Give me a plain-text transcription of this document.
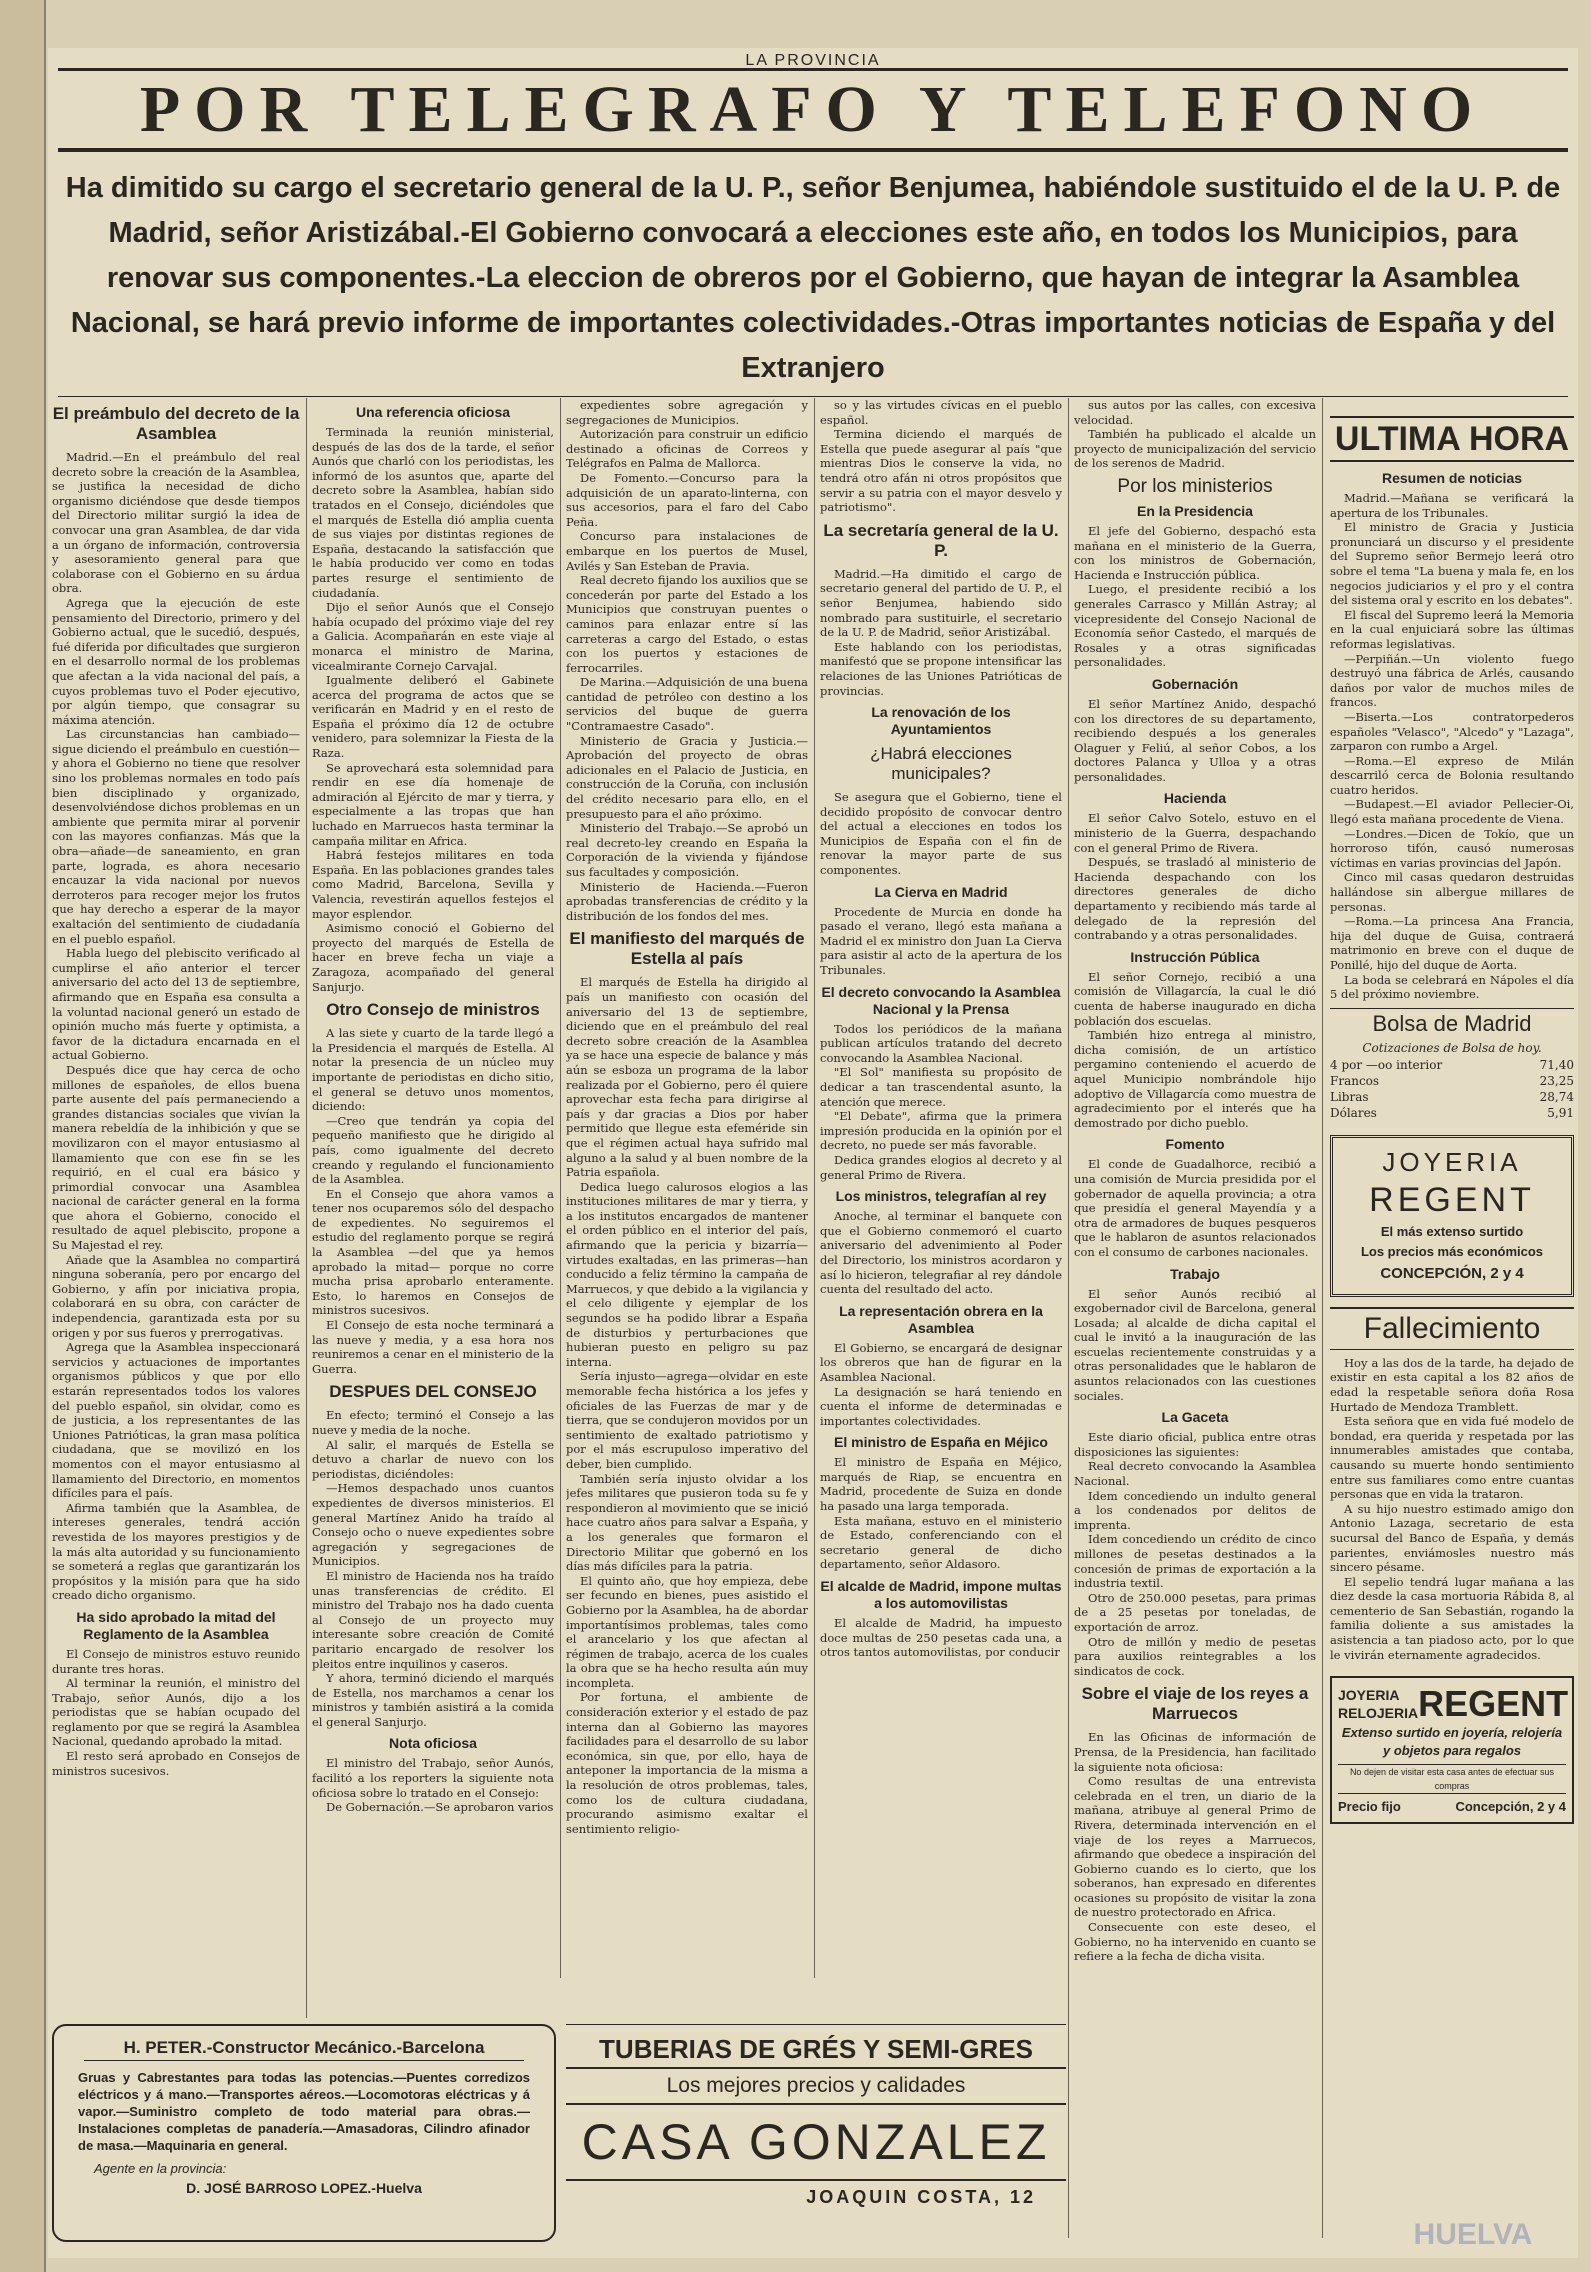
LA PROVINCIA
POR TELEGRAFO Y TELEFONO
Ha dimitido su cargo el secretario general de la U. P., señor Benjumea, habiéndole sustituido el de la U. P. de Madrid, señor Aristizábal.-El Gobierno convocará a elecciones este año, en todos los Municipios, para renovar sus componentes.-La eleccion de obreros por el Gobierno, que hayan de integrar la Asamblea Nacional, se hará previo informe de importantes colectividades.-Otras importantes noticias de España y del Extranjero
El preámbulo del decreto de la Asamblea

Madrid.—En el preámbulo del real decreto sobre la creación de la Asamblea, se justifica la necesidad de dicho organismo diciéndose que desde tiempos del Directorio militar surgió la idea de convocar una gran Asamblea, de dar vida a un órgano de información, controversia y asesoramiento general para que colaborase con el Gobierno en su árdua obra.

Agrega que la ejecución de este pensamiento del Directorio, primero y del Gobierno actual, que le sucedió, después, fué diferida por dificultades que surgieron en el desarrollo normal de los problemas que afectan a la vida nacional del país, a cuyos problemas tuvo el Poder ejecutivo, por algún tiempo, que consagrar su máxima atención.

Las circunstancias han cambiado—sigue diciendo el preámbulo en cuestión—y ahora el Gobierno no tiene que resolver sino los problemas normales en todo país bien disciplinado y organizado, desenvolviéndose dichos problemas en un ambiente que permita mirar al porvenir con las mayores confianzas. Más que la obra—añade—de saneamiento, en gran parte, lograda, es ahora necesario encauzar la vida nacional por nuevos derroteros para recoger mejor los frutos que hay derecho a esperar de la mayor exaltación del sentimiento de ciudadanía en el pueblo español.

Habla luego del plebiscito verificado al cumplirse el año anterior el tercer aniversario del acto del 13 de septiembre, afirmando que en España esa consulta a la voluntad nacional generó un estado de opinión mucho más fuerte y optimista, a favor de la dictadura encarnada en el actual Gobierno.

Después dice que hay cerca de ocho millones de españoles, de ellos buena parte ausente del país permaneciendo a grandes distancias sociales que vivían la manera rebeldía de la inhibición y que se movilizaron con el mayor entusiasmo al llamamiento que con ese fin se les requirió, en el cual era básico y primordial convocar una Asamblea nacional de carácter general en la forma que ahora el Gobierno, conocido el resultado de aquel plebiscito, propone a Su Majestad el rey.

Añade que la Asamblea no compartirá ninguna soberanía, pero por encargo del Gobierno, y afín por iniciativa propia, colaborará en su obra, con carácter de independencia, garantizada esta por su origen y por sus fueros y prerrogativas.

Agrega que la Asamblea inspeccionará servicios y actuaciones de importantes organismos públicos y que por ello estarán representados todos los valores del pueblo español, sin olvidar, como es de justicia, a los representantes de las Uniones Patrióticas, la gran masa política ciudadana, que se movilizó en los momentos con el mayor entusiasmo al llamamiento del Directorio, en momentos difíciles para el país.

Afirma también que la Asamblea, de intereses generales, tendrá acción revestida de los mayores prestigios y de la más alta autoridad y su funcionamiento se someterá a reglas que garantizarán los propósitos y la misión para que ha sido creado dicho organismo.

Ha sido aprobado la mitad del Reglamento de la Asamblea

El Consejo de ministros estuvo reunido durante tres horas.

Al terminar la reunión, el ministro del Trabajo, señor Aunós, dijo a los periodistas que se habían ocupado del reglamento por que se regirá la Asamblea Nacional, quedando aprobado la mitad.

El resto será aprobado en Consejos de ministros sucesivos.

Una referencia oficiosa

Terminada la reunión ministerial, después de las dos de la tarde, el señor Aunós que charló con los periodistas, les informó de los asuntos que, aparte del decreto sobre la Asamblea, habían sido tratados en el Consejo, diciéndoles que el marqués de Estella dió amplia cuenta de sus viajes por distintas regiones de España, destacando la satisfacción que le había producido ver como en todas partes resurge el sentimiento de ciudadanía.

Dijo el señor Aunós que el Consejo había ocupado del próximo viaje del rey a Galicia. Acompañarán en este viaje al monarca el ministro de Marina, vicealmirante Cornejo Carvajal.

Igualmente deliberó el Gabinete acerca del programa de actos que se verificarán en Madrid y en el resto de España el próximo día 12 de octubre venidero, para solemnizar la Fiesta de la Raza.

Se aprovechará esta solemnidad para rendir en ese día homenaje de admiración al Ejército de mar y tierra, y especialmente a las tropas que han luchado en Marruecos hasta terminar la campaña militar en Africa.

Habrá festejos militares en toda España. En las poblaciones grandes tales como Madrid, Barcelona, Sevilla y Valencia, revestirán aquellos festejos el mayor esplendor.

Asimismo conoció el Gobierno del proyecto del marqués de Estella de hacer en breve fecha un viaje a Zaragoza, acompañado del general Sanjurjo.

Otro Consejo de ministros

A las siete y cuarto de la tarde llegó a la Presidencia el marqués de Estella. Al notar la presencia de un núcleo muy importante de periodistas en dicho sitio, el general se detuvo unos momentos, diciendo:

—Creo que tendrán ya copia del pequeño manifiesto que he dirigido al país, como igualmente del decreto creando y regulando el funcionamiento de la Asamblea.

En el Consejo que ahora vamos a tener nos ocuparemos sólo del despacho de expedientes. No seguiremos el estudio del reglamento porque se regirá la Asamblea —del que ya hemos aprobado la mitad— porque no corre mucha prisa aprobarlo enteramente. Esto, lo haremos en Consejos de ministros sucesivos.

El Consejo de esta noche terminará a las nueve y media, y a esa hora nos reuniremos a cenar en el ministerio de la Guerra.

DESPUES DEL CONSEJO

En efecto; terminó el Consejo a las nueve y media de la noche.

Al salir, el marqués de Estella se detuvo a charlar de nuevo con los periodistas, diciéndoles:

—Hemos despachado unos cuantos expedientes de diversos ministerios. El general Martínez Anido ha traído al Consejo ocho o nueve expedientes sobre agregación y segregaciones de Municipios.

El ministro de Hacienda nos ha traído unas transferencias de crédito. El ministro del Trabajo nos ha dado cuenta al Consejo de un proyecto muy interesante sobre creación de Comité paritario encargado de resolver los pleitos entre inquilinos y caseros.

Y ahora, terminó diciendo el marqués de Estella, nos marchamos a cenar los ministros y también asistirá a la comida el general Sanjurjo.

Nota oficiosa

El ministro del Trabajo, señor Aunós, facilitó a los reporters la siguiente nota oficiosa sobre lo tratado en el Consejo:

De Gobernación.—Se aprobaron varios

expedientes sobre agregación y segregaciones de Municipios.

Autorización para construir un edificio destinado a oficinas de Correos y Telégrafos en Palma de Mallorca.

De Fomento.—Concurso para la adquisición de un aparato-linterna, con sus accesorios, para el faro del Cabo Peña.

Concurso para instalaciones de embarque en los puertos de Musel, Avilés y San Esteban de Pravia.

Real decreto fijando los auxilios que se concederán por parte del Estado a los Municipios que construyan puentes o caminos para enlazar entre sí las carreteras a cargo del Estado, o estas con los puertos y estaciones de ferrocarriles.

De Marina.—Adquisición de una buena cantidad de petróleo con destino a los servicios del buque de guerra "Contramaestre Casado".

Ministerio de Gracia y Justicia.—Aprobación del proyecto de obras adicionales en el Palacio de Justicia, en construcción de la Coruña, con inclusión del crédito necesario para ello, en el presupuesto para el año próximo.

Ministerio del Trabajo.—Se aprobó un real decreto-ley creando en España la Corporación de la vivienda y fijándose sus facultades y composición.

Ministerio de Hacienda.—Fueron aprobadas transferencias de crédito y la distribución de los fondos del mes.

El manifiesto del marqués de Estella al país

El marqués de Estella ha dirigido al país un manifiesto con ocasión del aniversario del 13 de septiembre, diciendo que en el preámbulo del real decreto sobre creación de la Asamblea ya se hace una especie de balance y más aún se esboza un programa de la labor realizada por el Gobierno, pero él quiere aprovechar esta fecha para dirigirse al país y dar gracias a Dios por haber permitido que llegue esta efeméride sin que el régimen actual haya sufrido mal alguno a la salud y al buen nombre de la Patria española.

Dedica luego calurosos elogios a las instituciones militares de mar y tierra, y a los institutos encargados de mantener el orden público en el interior del país, afirmando que la pericia y bizarría—virtudes exaltadas, en las primeras—han conducido a feliz término la campaña de Marruecos, y que debido a la vigilancia y el celo diligente y ejemplar de los segundos se ha podido librar a España de disturbios y perturbaciones que hubieran puesto en peligro su paz interna.

Sería injusto—agrega—olvidar en este memorable fecha histórica a los jefes y oficiales de las Fuerzas de mar y de tierra, que se condujeron movidos por un sentimiento de exaltado patriotismo y por el más escrupuloso imperativo del deber, bien cumplido.

También sería injusto olvidar a los jefes militares que pusieron toda su fe y respondieron al movimiento que se inició hace cuatro años para salvar a España, y a los generales que formaron el Directorio Militar que gobernó en los días más difíciles para la patria.

El quinto año, que hoy empieza, debe ser fecundo en bienes, pues asistido el Gobierno por la Asamblea, ha de abordar importantísimos problemas, tales como el arancelario y los que afectan al régimen de trabajo, acerca de los cuales la obra que se ha hecho resulta aún muy incompleta.

Por fortuna, el ambiente de consideración exterior y el estado de paz interna dan al Gobierno las mayores facilidades para el desarrollo de su labor económica, sin que, por ello, haya de anteponer la importancia de la misma a la resolución de otros problemas, tales, como los de cultura ciudadana, procurando asimismo exaltar el sentimiento religio-

so y las virtudes cívicas en el pueblo español.

Termina diciendo el marqués de Estella que puede asegurar al país "que mientras Dios le conserve la vida, no tendrá otro afán ni otros propósitos que servir a su patria con el mayor desvelo y patriotismo".

La secretaría general de la U. P.

Madrid.—Ha dimitido el cargo de secretario general del partido de U. P., el señor Benjumea, habiendo sido nombrado para sustituirle, el secretario de la U. P. de Madrid, señor Aristizábal.

Este hablando con los periodistas, manifestó que se propone intensificar las relaciones de las Uniones Patrióticas de provincias.

La renovación de los Ayuntamientos
¿Habrá elecciones municipales?

Se asegura que el Gobierno, tiene el decidido propósito de convocar dentro del actual a elecciones en todos los Municipios de España con el fin de renovar la mayor parte de sus componentes.

La Cierva en Madrid

Procedente de Murcia en donde ha pasado el verano, llegó esta mañana a Madrid el ex ministro don Juan La Cierva para asistir al acto de la apertura de los Tribunales.

El decreto convocando la Asamblea Nacional y la Prensa

Todos los periódicos de la mañana publican artículos tratando del decreto convocando la Asamblea Nacional.

"El Sol" manifiesta su propósito de dedicar a tan trascendental asunto, la atención que merece.

"El Debate", afirma que la primera impresión producida en la opinión por el decreto, no puede ser más favorable.

Dedica grandes elogios al decreto y al general Primo de Rivera.

Los ministros, telegrafían al rey

Anoche, al terminar el banquete con que el Gobierno conmemoró el cuarto aniversario del advenimiento al Poder del Directorio, los ministros acordaron y así lo hicieron, telegrafiar al rey dándole cuenta del resultado del acto.

La representación obrera en la Asamblea

El Gobierno, se encargará de designar los obreros que han de figurar en la Asamblea Nacional.

La designación se hará teniendo en cuenta el informe de determinadas e importantes colectividades.

El ministro de España en Méjico

El ministro de España en Méjico, marqués de Riap, se encuentra en Madrid, procedente de Suiza en donde ha pasado una larga temporada.

Esta mañana, estuvo en el ministerio de Estado, conferenciando con el secretario general de dicho departamento, señor Aldasoro.

El alcalde de Madrid, impone multas a los automovilistas

El alcalde de Madrid, ha impuesto doce multas de 250 pesetas cada una, a otros tantos automovilistas, por conducir

sus autos por las calles, con excesiva velocidad.

También ha publicado el alcalde un proyecto de municipalización del servicio de los serenos de Madrid.

Por los ministerios
En la Presidencia

El jefe del Gobierno, despachó esta mañana en el ministerio de la Guerra, con los ministros de Gobernación, Hacienda e Instrucción pública.

Luego, el presidente recibió a los generales Carrasco y Millán Astray; al vicepresidente del Consejo Nacional de Economía señor Castedo, el marqués de Rosales y a otras significadas personalidades.

Gobernación

El señor Martínez Anido, despachó con los directores de su departamento, recibiendo después a los generales Olaguer y Feliú, al señor Cobos, a los doctores Palanca y Ulloa y a otras personalidades.

Hacienda

El señor Calvo Sotelo, estuvo en el ministerio de la Guerra, despachando con el general Primo de Rivera.

Después, se trasladó al ministerio de Hacienda despachando con los directores generales de dicho departamento y recibiendo más tarde al delegado de la represión del contrabando y a otras personalidades.

Instrucción Pública

El señor Cornejo, recibió a una comisión de Villagarcía, la cual le dió cuenta de haberse inaugurado en dicha población dos escuelas.

También hizo entrega al ministro, dicha comisión, de un artístico pergamino conteniendo el acuerdo de aquel Municipio nombrándole hijo adoptivo de Villagarcía como muestra de agradecimiento por el interés que ha demostrado por dicho pueblo.

Fomento

El conde de Guadalhorce, recibió a una comisión de Murcia presidida por el gobernador de aquella provincia; a otra que presidía el general Mayendía y a otra de armadores de buques pesqueros que le hablaron de asuntos relacionados con el consumo de carbones nacionales.

Trabajo

El señor Aunós recibió al exgobernador civil de Barcelona, general Losada; al alcalde de dicha capital el cual le invitó a la inauguración de las escuelas recientemente construidas y a otras personalidades que le hablaron de asuntos relacionados con las cuestiones sociales.

La Gaceta

Este diario oficial, publica entre otras disposiciones las siguientes:

Real decreto convocando la Asamblea Nacional.

Idem concediendo un indulto general a los condenados por delitos de imprenta.

Idem concediendo un crédito de cinco millones de pesetas destinados a la concesión de primas de exportación a la industria textil.

Otro de 250.000 pesetas, para primas de a 25 pesetas por toneladas, de exportación de arroz.

Otro de millón y medio de pesetas para auxilios reintegrables a los sindicatos de cock.

Sobre el viaje de los reyes a Marruecos

En las Oficinas de información de Prensa, de la Presidencia, han facilitado la siguiente nota oficiosa:

Como resultas de una entrevista celebrada en el tren, un diario de la mañana, atribuye al general Primo de Rivera, determinada intervención en el viaje de los reyes a Marruecos, afirmando que obedece a inspiración del Gobierno cuando es lo cierto, que los soberanos, han expresado en diferentes ocasiones su propósito de visitar la zona de nuestro protectorado en Africa.

Consecuente con este deseo, el Gobierno, no ha intervenido en cuanto se refiere a la fecha de dicha visita.

ULTIMA HORA
Resumen de noticias

Madrid.—Mañana se verificará la apertura de los Tribunales.

El ministro de Gracia y Justicia pronunciará un discurso y el presidente del Supremo señor Bermejo leerá otro sobre el tema "La buena y mala fe, en los negocios judiciarios y el pro y el contra del sistema oral y escrito en los debates".

El fiscal del Supremo leerá la Memoria en la cual enjuiciará sobre las últimas reformas legislativas.

—Perpiñán.—Un violento fuego destruyó una fábrica de Arlés, causando daños por valor de muchos miles de francos.

—Biserta.—Los contratorpederos españoles "Velasco", "Alcedo" y "Lazaga", zarparon con rumbo a Argel.

—Roma.—El expreso de Milán descarriló cerca de Bolonia resultando cuatro heridos.

—Budapest.—El aviador Pellecier-Oi, llegó esta mañana procedente de Viena.

—Londres.—Dicen de Tokío, que un horroroso tifón, causó numerosas víctimas en varias provincias del Japón.

Cinco mil casas quedaron destruidas hallándose sin albergue millares de personas.

—Roma.—La princesa Ana Francia, hija del duque de Guisa, contraerá matrimonio en breve con el duque de Ponillé, hijo del duque de Aorta.

La boda se celebrará en Nápoles el día 5 del próximo noviembre.

Bolsa de Madrid
Cotizaciones de Bolsa de hoy.
4 por —oo interior	71,40
Francos	23,25
Libras	28,74
Dólares	5,91
JOYERIA
REGENT
El más extenso surtido
Los precios más económicos
CONCEPCIÓN, 2 y 4
Fallecimiento

Hoy a las dos de la tarde, ha dejado de existir en esta capital a los 82 años de edad la respetable señora doña Rosa Hurtado de Mendoza Tramblett.

Esta señora que en vida fué modelo de bondad, era querida y respetada por las innumerables amistades que contaba, causando su muerte hondo sentimiento entre sus familiares como entre cuantas personas que en vida la trataron.

A su hijo nuestro estimado amigo don Antonio Lazaga, secretario de esta sucursal del Banco de España, y demás parientes, enviámosles nuestro más sincero pésame.

El sepelio tendrá lugar mañana a las diez desde la casa mortuoria Rábida 8, al cementerio de San Sebastián, rogando la familia doliente a sus amistades la asistencia a tan piadoso acto, por lo que le vivirán eternamente agradecidos.

JOYERIA
RELOJERIA REGENT
Extenso surtido en joyería, relojería
y objetos para regalos
No dejen de visitar esta casa antes de efectuar sus compras
Precio fijo	Concepción, 2 y 4
H. PETER.-Constructor Mecánico.-Barcelona
Gruas y Cabrestantes para todas las potencias.—Puentes corredizos eléctricos y á mano.—Transportes aéreos.—Locomotoras eléctricas y á vapor.—Suministro completo de todo material para obras.—Instalaciones completas de panadería.—Amasadoras, Cilindro afinador de masa.—Maquinaria en general.
Agente en la provincia:
D. JOSÉ BARROSO LOPEZ.-Huelva
TUBERIAS DE GRÉS Y SEMI-GRES
Los mejores precios y calidades
CASA GONZALEZ
JOAQUIN COSTA, 12
HUELVA
